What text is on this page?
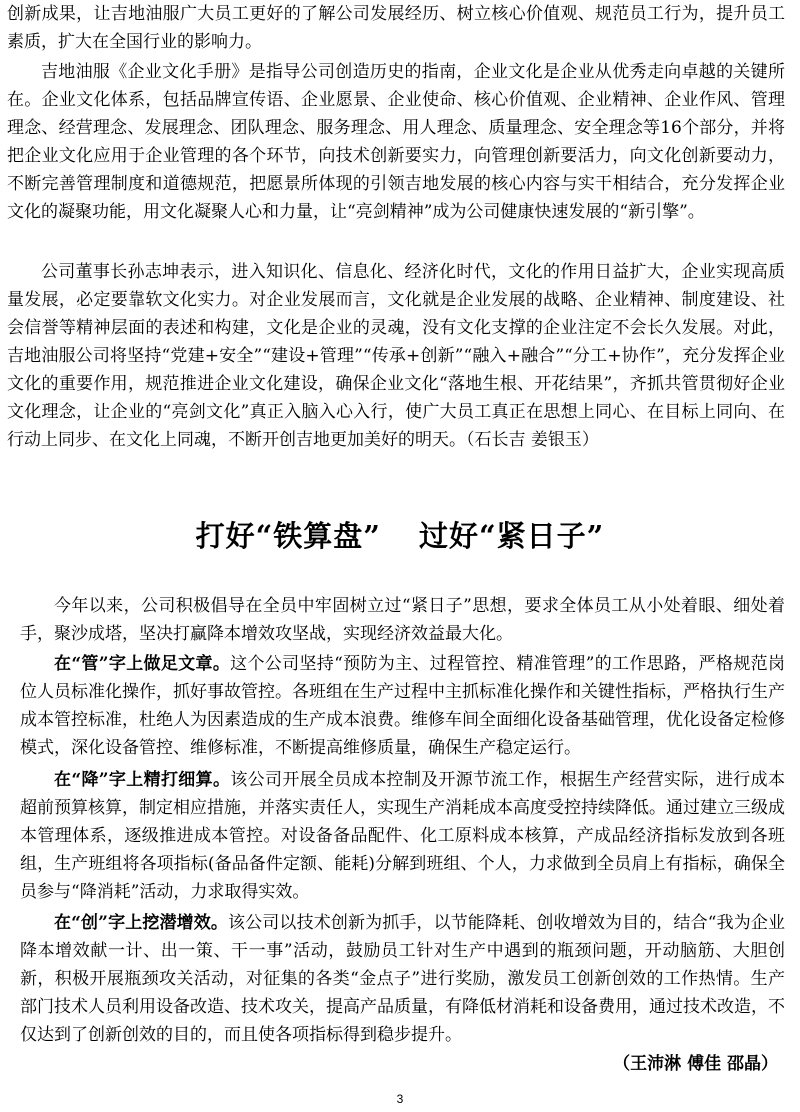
创新成果，让吉地油服广大员工更好的了解公司发展经历、树立核心价值观、规范员工行为，提升员工素质，扩大在全国行业的影响力。

吉地油服《企业文化手册》是指导公司创造历史的指南，企业文化是企业从优秀走向卓越的关键所在。企业文化体系，包括品牌宣传语、企业愿景、企业使命、核心价值观、企业精神、企业作风、管理理念、经营理念、发展理念、团队理念、服务理念、用人理念、质量理念、安全理念等16个部分，并将把企业文化应用于企业管理的各个环节，向技术创新要实力，向管理创新要活力，向文化创新要动力，不断完善管理制度和道德规范，把愿景所体现的引领吉地发展的核心内容与实干相结合，充分发挥企业文化的凝聚功能，用文化凝聚人心和力量，让“亮剑精神”成为公司健康快速发展的“新引擎”。

公司董事长孙志坤表示，进入知识化、信息化、经济化时代，文化的作用日益扩大，企业实现高质量发展，必定要靠软文化实力。对企业发展而言，文化就是企业发展的战略、企业精神、制度建设、社会信誉等精神层面的表述和构建，文化是企业的灵魂，没有文化支撑的企业注定不会长久发展。对此，吉地油服公司将坚持“党建+安全”“建设+管理”“传承+创新”“融入+融合”“分工+协作”，充分发挥企业文化的重要作用，规范推进企业文化建设，确保企业文化“落地生根、开花结果”，齐抓共管贯彻好企业文化理念，让企业的“亮剑文化”真正入脑入心入行，使广大员工真正在思想上同心、在目标上同向、在行动上同步、在文化上同魂，不断开创吉地更加美好的明天。（石长吉 姜银玉）

打好“铁算盘” 过好“紧日子”

今年以来，公司积极倡导在全员中牢固树立过“紧日子”思想，要求全体员工从小处着眼、细处着手，聚沙成塔，坚决打赢降本增效攻坚战，实现经济效益最大化。

在“管”字上做足文章。这个公司坚持“预防为主、过程管控、精准管理”的工作思路，严格规范岗位人员标准化操作，抓好事故管控。各班组在生产过程中主抓标准化操作和关键性指标，严格执行生产成本管控标准，杜绝人为因素造成的生产成本浪费。维修车间全面细化设备基础管理，优化设备定检修模式，深化设备管控、维修标准，不断提高维修质量，确保生产稳定运行。

在“降”字上精打细算。该公司开展全员成本控制及开源节流工作，根据生产经营实际，进行成本超前预算核算，制定相应措施，并落实责任人，实现生产消耗成本高度受控持续降低。通过建立三级成本管理体系，逐级推进成本管控。对设备备品配件、化工原料成本核算，产成品经济指标发放到各班组，生产班组将各项指标(备品备件定额、能耗)分解到班组、个人，力求做到全员肩上有指标，确保全员参与“降消耗”活动，力求取得实效。

在“创”字上挖潜增效。该公司以技术创新为抓手，以节能降耗、创收增效为目的，结合“我为企业降本增效献一计、出一策、干一事”活动，鼓励员工针对生产中遇到的瓶颈问题，开动脑筋、大胆创新，积极开展瓶颈攻关活动，对征集的各类“金点子”进行奖励，激发员工创新创效的工作热情。生产部门技术人员利用设备改造、技术攻关，提高产品质量，有降低材消耗和设备费用，通过技术改造，不仅达到了创新创效的目的，而且使各项指标得到稳步提升。

（王沛淋 傅佳 邵晶）

3
